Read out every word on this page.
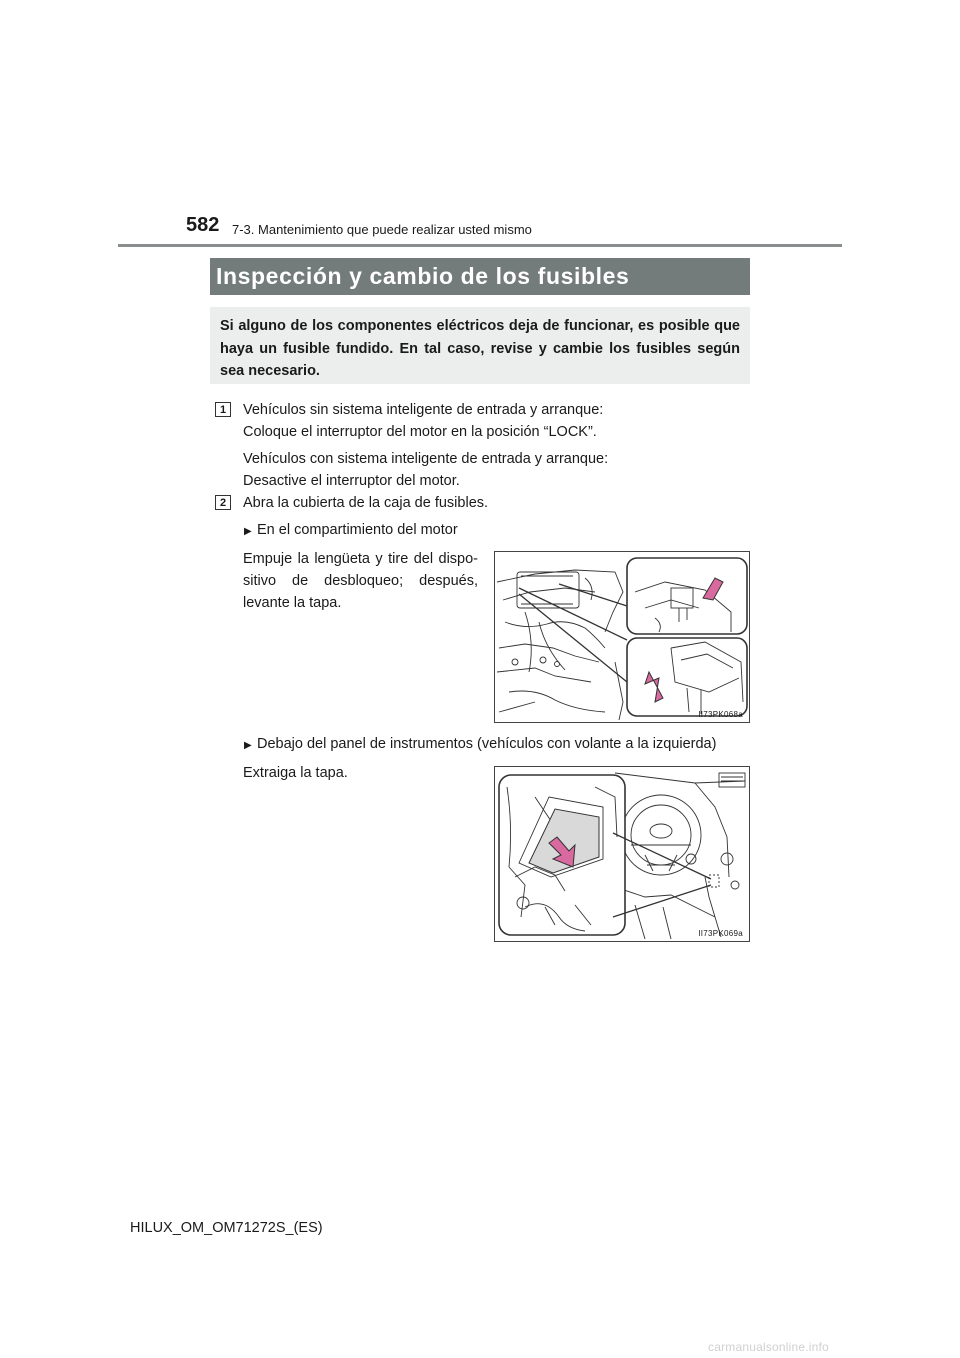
582 7-3. Mantenimiento que puede realizar usted mismo
Inspección y cambio de los fusibles
Si alguno de los componentes eléctricos deja de funcionar, es posible que haya un fusible fundido. En tal caso, revise y cambie los fusibles según sea necesario.
1	Vehículos sin sistema inteligente de entrada y arranque:
Coloque el interruptor del motor en la posición “LOCK”.
Vehículos con sistema inteligente de entrada y arranque:
Desactive el interruptor del motor.
2	Abra la cubierta de la caja de fusibles.
▶ En el compartimiento del motor
Empuje la lengüeta y tire del dispo-sitivo de desbloqueo; después, levante la tapa.
II73PK068a
▶ Debajo del panel de instrumentos (vehículos con volante a la izquierda)
Extraiga la tapa.
II73PK069a
HILUX_OM_OM71272S_(ES)
carmanualsonline.info
